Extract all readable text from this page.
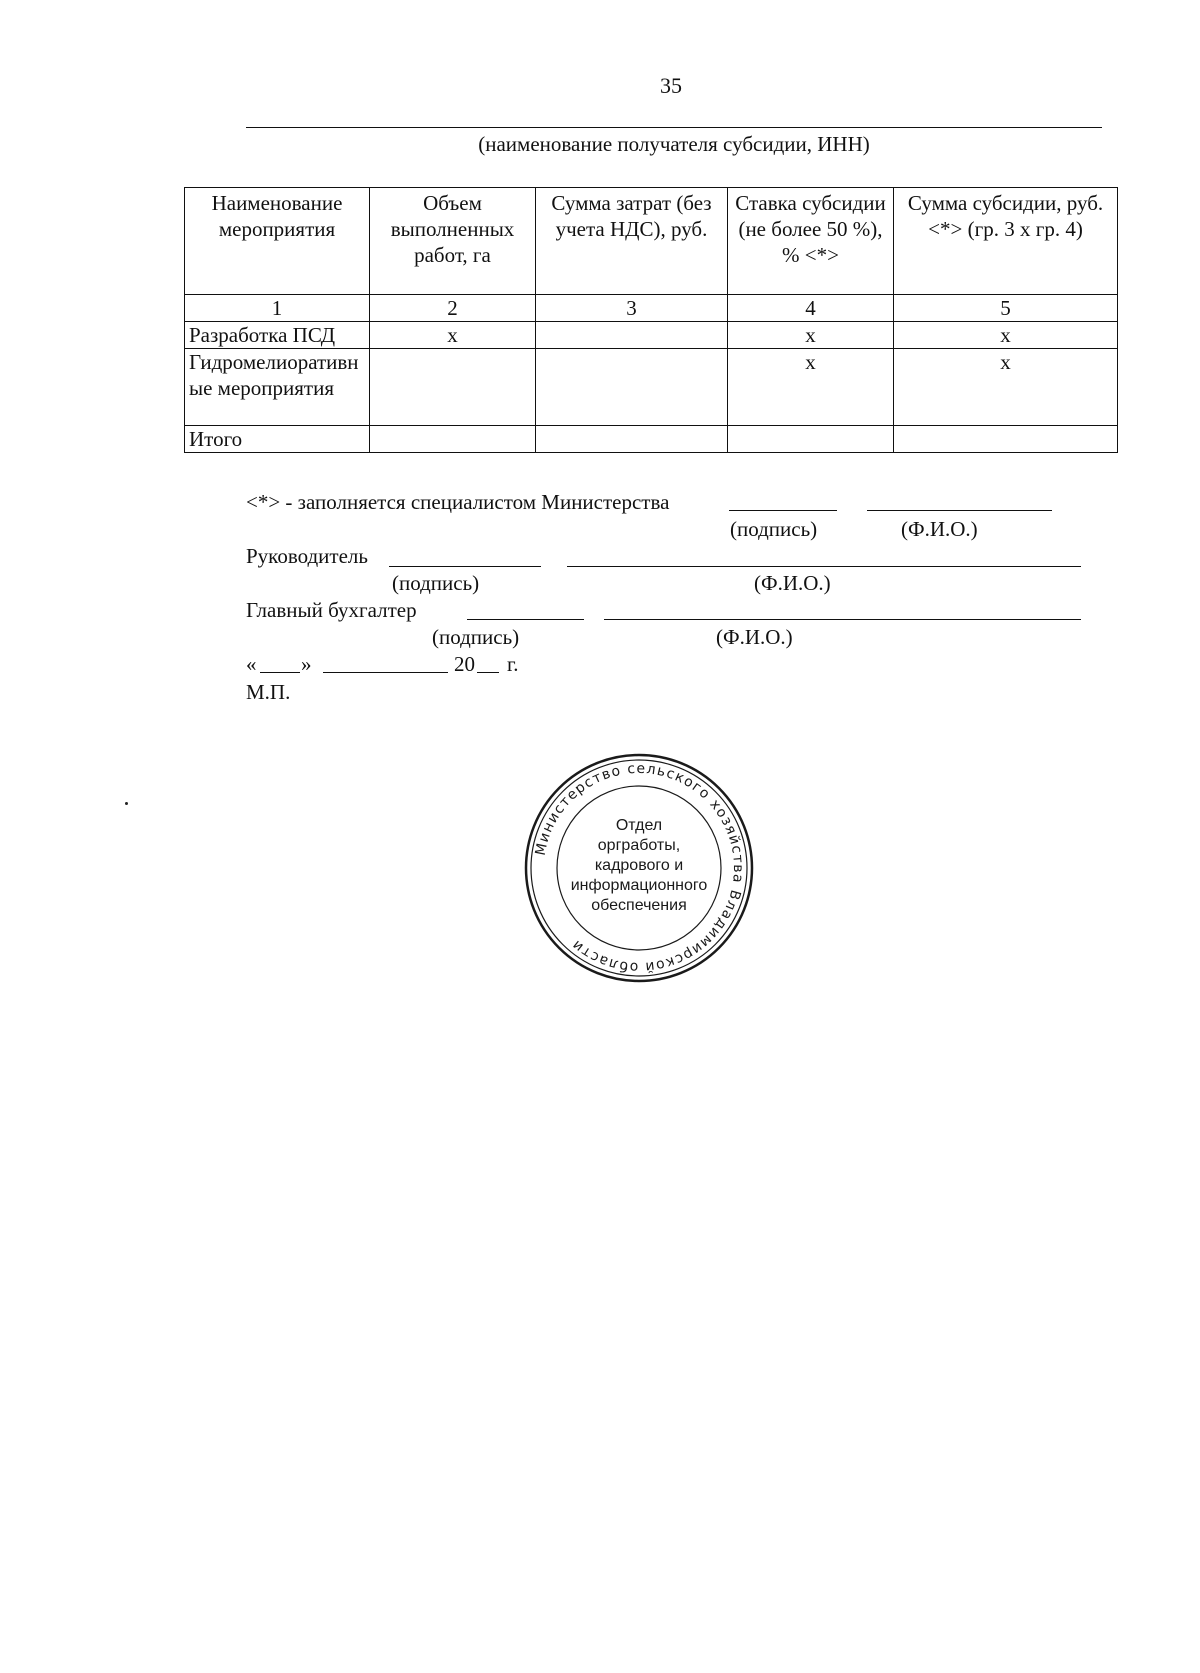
35
(наименование получателя субсидии, ИНН)
Наименование мероприятия	Объем выполненных работ, га	Сумма затрат (без учета НДС), руб.	Ставка субсидии (не более 50 %), % <*>	Сумма субсидии, руб. <*> (гр. 3 x гр. 4)
1	2	3	4	5
Разработка ПСД	x		x	x
Гидромелиоративные мероприятия			x	x
Итого				
<*> - заполняется специалистом Министерства
(подпись)	(Ф.И.О.)
Руководитель
(подпись)	(Ф.И.О.)
Главный бухгалтер
(подпись)	(Ф.И.О.)
« »	20 г.
М.П.
Министерство сельского хозяйства Владимирской области
Отдел
оргработы,
кадрового и
информационного
обеспечения
